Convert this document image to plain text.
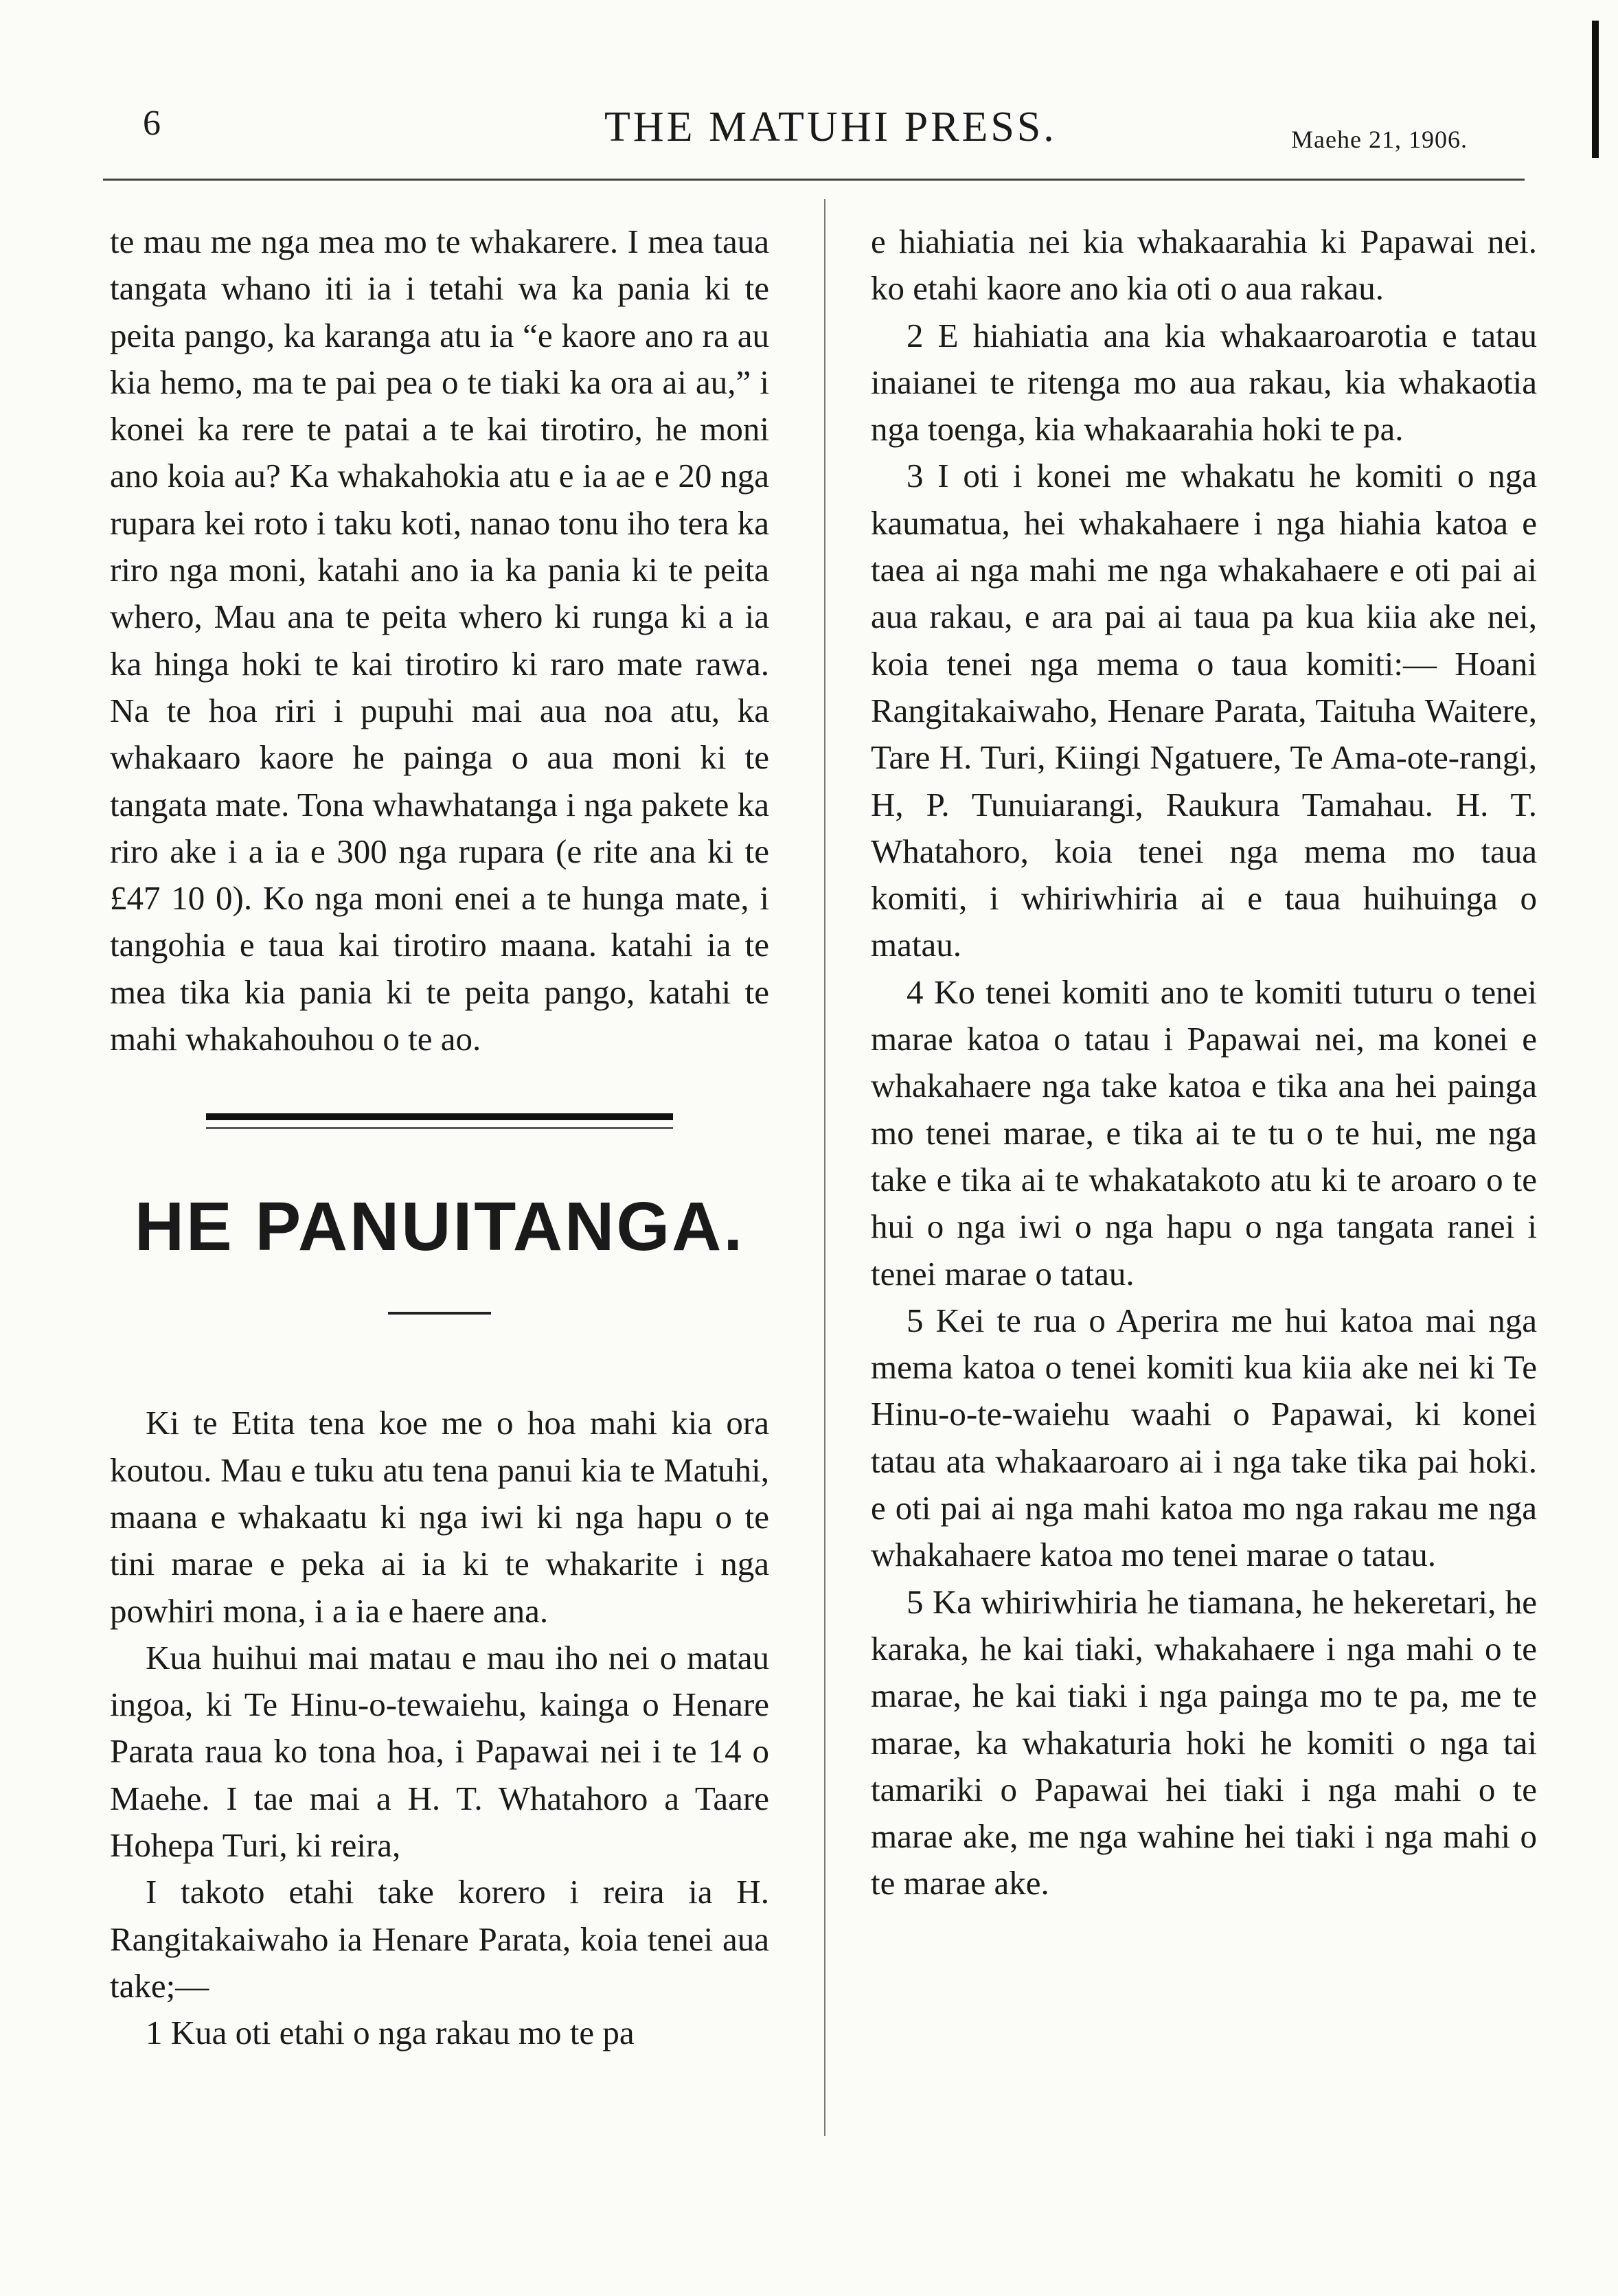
6	THE MATUHI PRESS.	Maehe 21, 1906.

te mau me nga mea mo te whakarere. I mea taua tangata whano iti ia i tetahi wa ka pania ki te peita pango, ka karanga atu ia “e kaore ano ra au kia hemo, ma te pai pea o te tiaki ka ora ai au,” i konei ka rere te patai a te kai tirotiro, he moni ano koia au? Ka whakahokia atu e ia ae e 20 nga rupara kei roto i taku koti, nanao tonu iho tera ka riro nga moni, katahi ano ia ka pania ki te peita whero, Mau ana te peita whero ki runga ki a ia ka hinga hoki te kai tirotiro ki raro mate rawa. Na te hoa riri i pupuhi mai aua noa atu, ka whakaaro kaore he painga o aua moni ki te tangata mate. Tona whawhatanga i nga pakete ka riro ake i a ia e 300 nga rupara (e rite ana ki te £47 10 0). Ko nga moni enei a te hunga mate, i tangohia e taua kai tirotiro maana. katahi ia te mea tika kia pania ki te peita pango, katahi te mahi whakahouhou o te ao.

HE PANUITANGA.

Ki te Etita tena koe me o hoa mahi kia ora koutou. Mau e tuku atu tena panui kia te Matuhi, maana e whakaatu ki nga iwi ki nga hapu o te tini marae e peka ai ia ki te whakarite i nga powhiri mona, i a ia e haere ana.

Kua huihui mai matau e mau iho nei o matau ingoa, ki Te Hinu-o-tewaiehu, kainga o Henare Parata raua ko tona hoa, i Papawai nei i te 14 o Maehe. I tae mai a H. T. Whatahoro a Taare Hohepa Turi, ki reira,

I takoto etahi take korero i reira ia H. Rangitakaiwaho ia Henare Parata, koia tenei aua take;—

1 Kua oti etahi o nga rakau mo te pa

e hiahiatia nei kia whakaarahia ki Papawai nei. ko etahi kaore ano kia oti o aua rakau.

2 E hiahiatia ana kia whakaaroarotia e tatau inaianei te ritenga mo aua rakau, kia whakaotia nga toenga, kia whakaarahia hoki te pa.

3 I oti i konei me whakatu he komiti o nga kaumatua, hei whakahaere i nga hiahia katoa e taea ai nga mahi me nga whakahaere e oti pai ai aua rakau, e ara pai ai taua pa kua kiia ake nei, koia tenei nga mema o taua komiti:— Hoani Rangitakaiwaho, Henare Parata, Taituha Waitere, Tare H. Turi, Kiingi Ngatuere, Te Ama-ote-rangi, H, P. Tunuiarangi, Raukura Tamahau. H. T. Whatahoro, koia tenei nga mema mo taua komiti, i whiriwhiria ai e taua huihuinga o matau.

4 Ko tenei komiti ano te komiti tuturu o tenei marae katoa o tatau i Papawai nei, ma konei e whakahaere nga take katoa e tika ana hei painga mo tenei marae, e tika ai te tu o te hui, me nga take e tika ai te whakatakoto atu ki te aroaro o te hui o nga iwi o nga hapu o nga tangata ranei i tenei marae o tatau.

5 Kei te rua o Aperira me hui katoa mai nga mema katoa o tenei komiti kua kiia ake nei ki Te Hinu-o-te-waiehu waahi o Papawai, ki konei tatau ata whakaaroaro ai i nga take tika pai hoki. e oti pai ai nga mahi katoa mo nga rakau me nga whakahaere katoa mo tenei marae o tatau.

5 Ka whiriwhiria he tiamana, he hekeretari, he karaka, he kai tiaki, whakahaere i nga mahi o te marae, he kai tiaki i nga painga mo te pa, me te marae, ka whakaturia hoki he komiti o nga tai tamariki o Papawai hei tiaki i nga mahi o te marae ake, me nga wahine hei tiaki i nga mahi o te marae ake.
